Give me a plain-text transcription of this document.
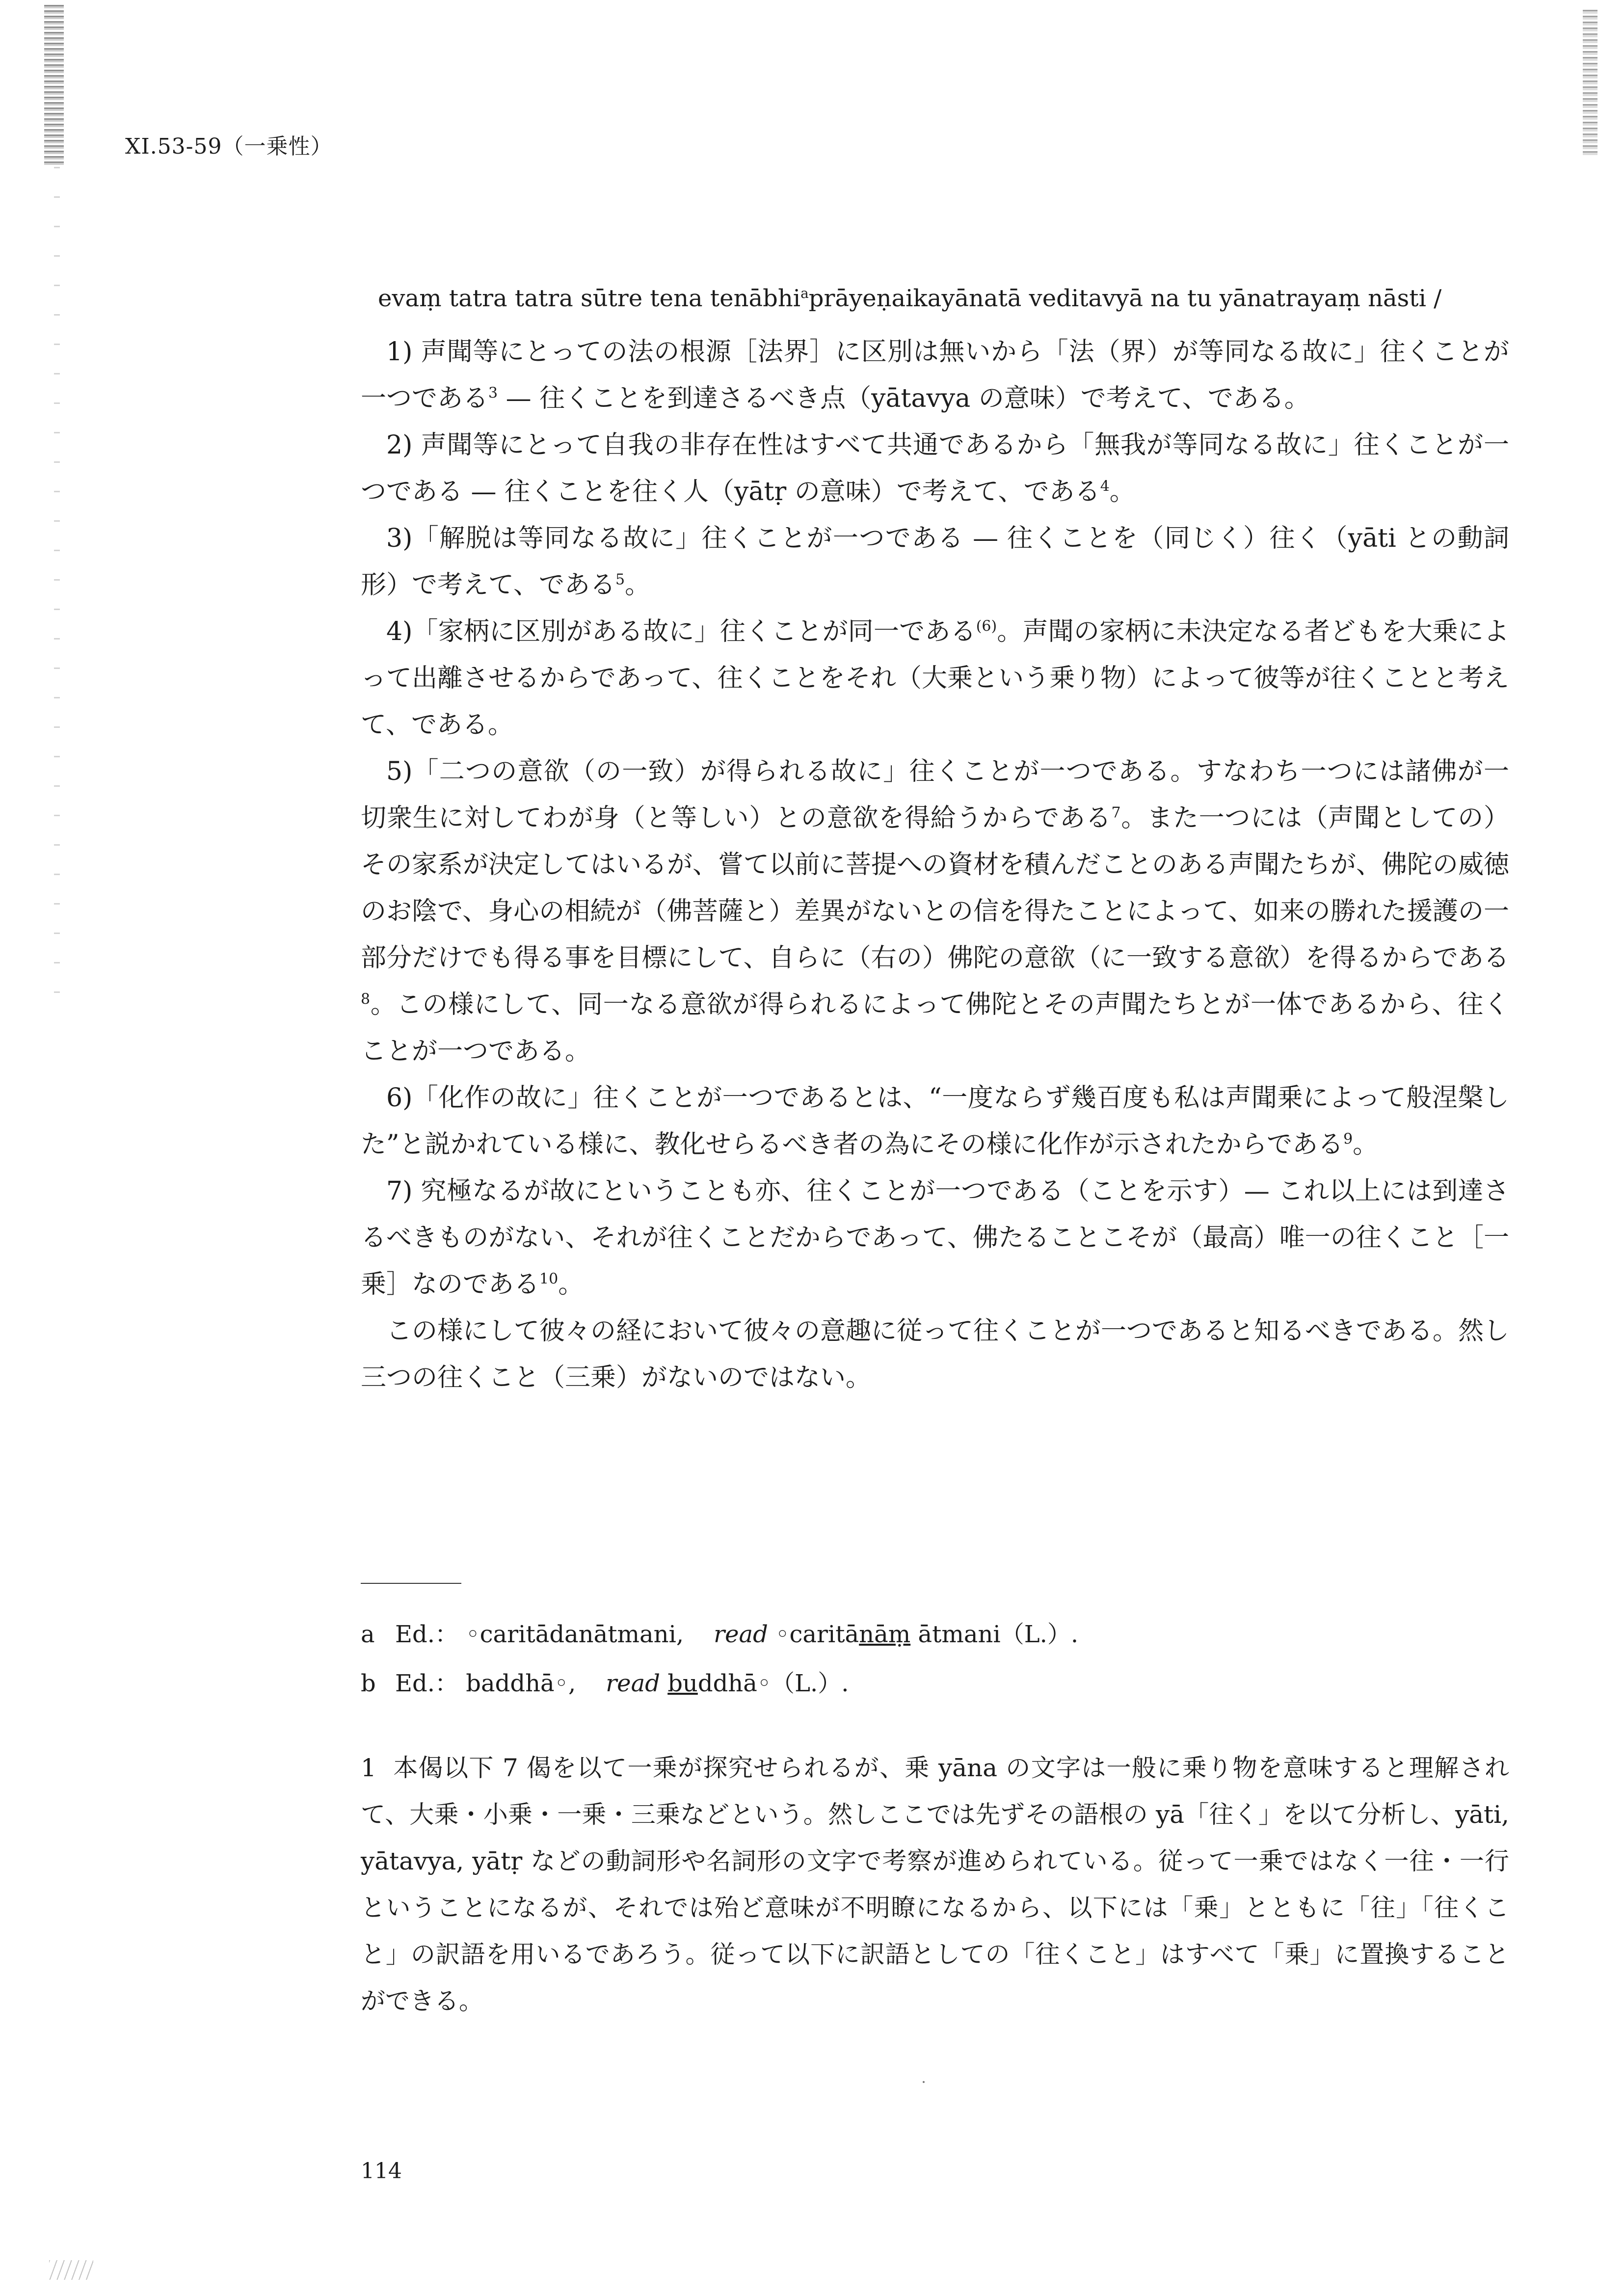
XI.53-59（一乗性）
evaṃ tatra tatra sūtre tena tenābhi$^a$prāyeṇaikayānatā veditavyā na tu yānatrayaṃ nāsti /

1) 声聞等にとっての法の根源［法界］に区別は無いから「法（界）が等同なる故に」往くことが一つである$^3$ — 往くことを到達さるべき点（yātavya の意味）で考えて、である。

2) 声聞等にとって自我の非存在性はすべて共通であるから「無我が等同なる故に」往くことが一つである — 往くことを往く人（yātṛ の意味）で考えて、である$^4$。

3)「解脱は等同なる故に」往くことが一つである — 往くことを（同じく）往く（yāti との動詞形）で考えて、である$^5$。

4)「家柄に区別がある故に」往くことが同一である$^{(6)}$。声聞の家柄に未決定なる者どもを大乗によって出離させるからであって、往くことをそれ（大乗という乗り物）によって彼等が往くことと考えて、である。

5)「二つの意欲（の一致）が得られる故に」往くことが一つである。すなわち一つには諸佛が一切衆生に対してわが身（と等しい）との意欲を得給うからである$^7$。また一つには（声聞としての）その家系が決定してはいるが、嘗て以前に菩提への資材を積んだことのある声聞たちが、佛陀の威徳のお陰で、身心の相続が（佛菩薩と）差異がないとの信を得たことによって、如来の勝れた援護の一部分だけでも得る事を目標にして、自らに（右の）佛陀の意欲（に一致する意欲）を得るからである$^8$。この様にして、同一なる意欲が得られるによって佛陀とその声聞たちとが一体であるから、往くことが一つである。

6)「化作の故に」往くことが一つであるとは、“一度ならず幾百度も私は声聞乗によって般涅槃した”と説かれている様に、教化せらるべき者の為にその様に化作が示されたからである$^9$。

7) 究極なるが故にということも亦、往くことが一つである（ことを示す）— これ以上には到達さるべきものがない、それが往くことだからであって、佛たることこそが（最高）唯一の往くこと［一乗］なのである$^{10}$。

この様にして彼々の経において彼々の意趣に従って往くことが一つであると知るべきである。然し三つの往くこと（三乗）がないのではない。

a Ed.： ◦caritādanātmani, read ◦caritānāṃ ātmani（L.）.
b Ed.： baddhā◦, read buddhā◦（L.）.

1 本偈以下 7 偈を以て一乗が探究せられるが、乗 yāna の文字は一般に乗り物を意味すると理解されて、大乗・小乗・一乗・三乗などという。然しここでは先ずその語根の yā「往く」を以て分析し、yāti, yātavya, yātṛ などの動詞形や名詞形の文字で考察が進められている。従って一乗ではなく一往・一行ということになるが、それでは殆ど意味が不明瞭になるから、以下には「乗」とともに「往」「往くこと」の訳語を用いるであろう。従って以下に訳語としての「往くこと」はすべて「乗」に置換することができる。

114
